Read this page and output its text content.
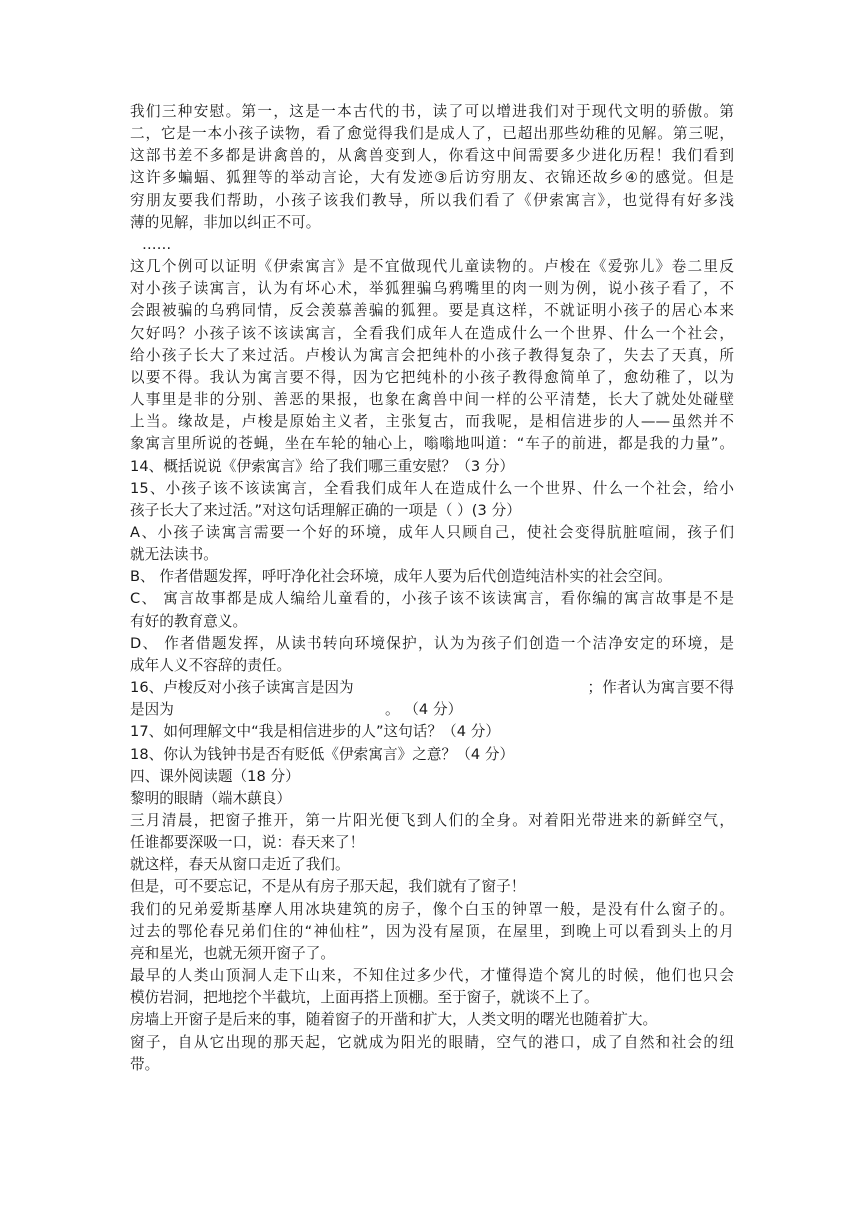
我们三种安慰。第一，这是一本古代的书，读了可以增进我们对于现代文明的骄傲。第
二，它是一本小孩子读物，看了愈觉得我们是成人了，已超出那些幼稚的见解。第三呢，
这部书差不多都是讲禽兽的，从禽兽变到人，你看这中间需要多少进化历程！我们看到
这许多蝙蝠、狐狸等的举动言论，大有发迹③后访穷朋友、衣锦还故乡④的感觉。但是
穷朋友要我们帮助，小孩子该我们教导，所以我们看了《伊索寓言》，也觉得有好多浅
薄的见解，非加以纠正不可。
……
这几个例可以证明《伊索寓言》是不宜做现代儿童读物的。卢梭在《爱弥儿》卷二里反
对小孩子读寓言，认为有坏心术，举狐狸骗乌鸦嘴里的肉一则为例，说小孩子看了，不
会跟被骗的乌鸦同情，反会羡慕善骗的狐狸。要是真这样，不就证明小孩子的居心本来
欠好吗？小孩子该不该读寓言，全看我们成年人在造成什么一个世界、什么一个社会，
给小孩子长大了来过活。卢梭认为寓言会把纯朴的小孩子教得复杂了，失去了天真，所
以要不得。我认为寓言要不得，因为它把纯朴的小孩子教得愈简单了，愈幼稚了，以为
人事里是非的分别、善恶的果报，也象在禽兽中间一样的公平清楚，长大了就处处碰壁
上当。缘故是，卢梭是原始主义者，主张复古，而我呢，是相信进步的人——虽然并不
象寓言里所说的苍蝇，坐在车轮的轴心上，嗡嗡地叫道：“车子的前进，都是我的力量”。
14、概括说说《伊索寓言》给了我们哪三重安慰？（3 分）
15、小孩子该不该读寓言，全看我们成年人在造成什么一个世界、什么一个社会，给小
孩子长大了来过活。”对这句话理解正确的一项是（ ）(3 分）
A、小孩子读寓言需要一个好的环境，成年人只顾自己，使社会变得肮脏喧闹，孩子们
就无法读书。
B、 作者借题发挥，呼吁净化社会环境，成年人要为后代创造纯洁朴实的社会空间。
C、 寓言故事都是成人编给儿童看的，小孩子该不该读寓言，看你编的寓言故事是不是
有好的教育意义。
D、 作者借题发挥，从读书转向环境保护，认为为孩子们创造一个洁净安定的环境，是
成年人义不容辞的责任。
16、卢梭反对小孩子读寓言是因为	；作者认为寓言要不得
是因为	。 （4 分）
17、如何理解文中“我是相信进步的人”这句话？（4 分）
18、你认为钱钟书是否有贬低《伊索寓言》之意？（4 分）
四、课外阅读题（18 分）
黎明的眼睛（端木蕻良）
三月清晨，把窗子推开，第一片阳光便飞到人们的全身。对着阳光带进来的新鲜空气，
任谁都要深吸一口，说：春天来了！
就这样，春天从窗口走近了我们。
但是，可不要忘记，不是从有房子那天起，我们就有了窗子！
我们的兄弟爱斯基摩人用冰块建筑的房子，像个白玉的钟罩一般，是没有什么窗子的。
过去的鄂伦春兄弟们住的“神仙柱”，因为没有屋顶，在屋里，到晚上可以看到头上的月
亮和星光，也就无须开窗子了。
最早的人类山顶洞人走下山来，不知住过多少代，才懂得造个窝儿的时候，他们也只会
模仿岩洞，把地挖个半截坑，上面再搭上顶棚。至于窗子，就谈不上了。
房墙上开窗子是后来的事，随着窗子的开凿和扩大，人类文明的曙光也随着扩大。
窗子，自从它出现的那天起，它就成为阳光的眼睛，空气的港口，成了自然和社会的纽
带。
